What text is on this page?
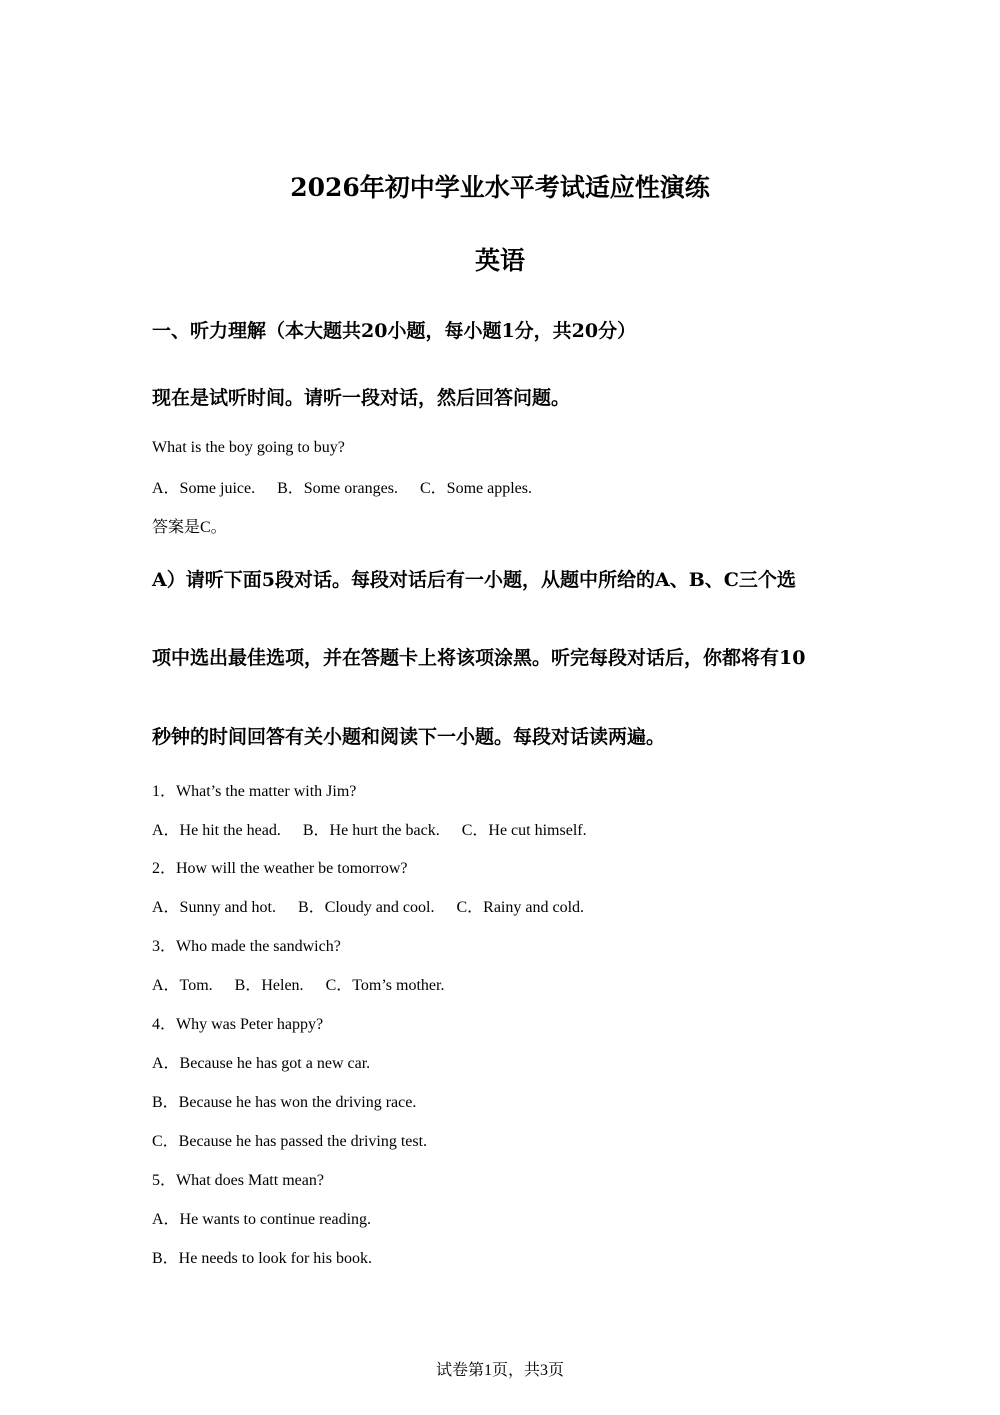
2026年初中学业水平考试适应性演练
英语
一、听力理解（本大题共20小题，每小题1分，共20分）
现在是试听时间。请听一段对话，然后回答问题。
What is the boy going to buy?
A．Some juice. B．Some oranges. C．Some apples.
答案是C。
A）请听下面5段对话。每段对话后有一小题，从题中所给的A、B、C三个选
项中选出最佳选项，并在答题卡上将该项涂黑。听完每段对话后，你都将有10
秒钟的时间回答有关小题和阅读下一小题。每段对话读两遍。
1．What’s the matter with Jim?
A．He hit the head. B．He hurt the back. C．He cut himself.
2．How will the weather be tomorrow?
A．Sunny and hot. B．Cloudy and cool. C．Rainy and cold.
3．Who made the sandwich?
A．Tom. B．Helen. C．Tom’s mother.
4．Why was Peter happy?
A．Because he has got a new car.
B．Because he has won the driving race.
C．Because he has passed the driving test.
5．What does Matt mean?
A．He wants to continue reading.
B．He needs to look for his book.
试卷第1页，共3页
